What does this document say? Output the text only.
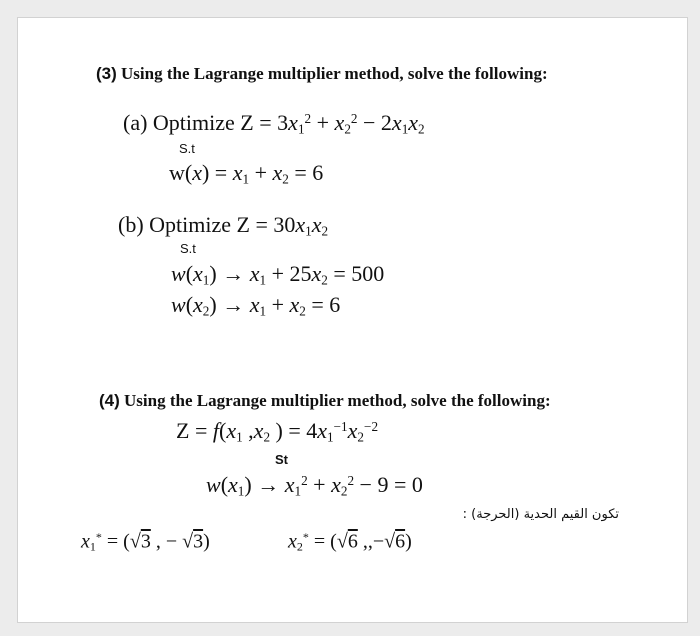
(3) Using the Lagrange multiplier method, solve the following:
(a) Optimize $Z = 3x_1^2 + x_2^2 - 2x_1x_2$
S.t
$w(x) = x_1 + x_2 = 6$
(b) Optimize $Z = 30x_1x_2$
S.t
$w(x_1) \to x_1 + 25x_2 = 500$
$w(x_2) \to x_1 + x_2 = 6$
(4) Using the Lagrange multiplier method, solve the following:
$Z = f(x_1$ $,x_2$ ) = $4x_1^{-1}x_2^{-2}$
St
$w(x_1) \to x_1^2 + x_2^2 - 9 = 0$
تكون القيم الحدية (الحرجة) :
$x_1^* = (√3$ , − √3)	$x_2^* = (√6$ ,,−√6)
